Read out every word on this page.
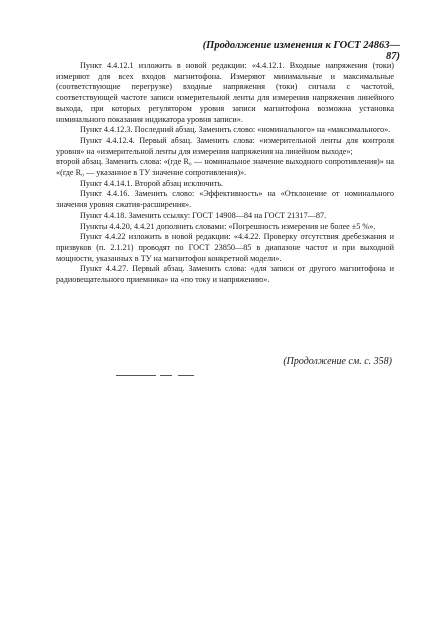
(Продолжение изменения к ГОСТ 24863—87)

Пункт 4.4.12.1 изложить в новой редакции: «4.4.12.1. Входные напряжения (токи) измеряют для всех входов магнитофона. Измеряют минимальные и максимальные (соответствующие перегрузке) входные напряжения (токи) сигнала с частотой, соответствующей частоте записи измерительной ленты для измерения напряжения линейного выхода, при которых регулятором уровня записи магнитофона возможна установка номинального показания индикатора уровня записи».

Пункт 4.4.12.3. Последний абзац. Заменить слово: «номинального» на «максимального».

Пункт 4.4.12.4. Первый абзац. Заменить слова: «измерительной ленты для контроля уровня» на «измерительной ленты для измерения напряжения на линейном выходе»;

второй абзац. Заменить слова: «(где R₀ — номинальное значение выходного сопротивления)» на «(где R₀ — указанное в ТУ значение сопротивления)».

Пункт 4.4.14.1. Второй абзац исключить.

Пункт 4.4.16. Заменить слово: «Эффективность» на «Отклонение от номинального значения уровня сжатия-расширения».

Пункт 4.4.18. Заменить ссылку: ГОСТ 14908—84 на ГОСТ 21317—87.

Пункты 4.4.20, 4.4.21 дополнить словами: «Погрешность измерения не более ±5 %».

Пункт 4.4.22 изложить в новой редакции: «4.4.22. Проверку отсутствия дребезжания и призвуков (п. 2.1.21) проводят по ГОСТ 23850—85 в диапазоне частот и при выходной мощности, указанных в ТУ на магнитофон конкретной модели».

Пункт 4.4.27. Первый абзац. Заменить слова: «для записи от другого магнитофона и радиовещательного приемника» на «по току и напряжению».

(Продолжение см. с. 358)
